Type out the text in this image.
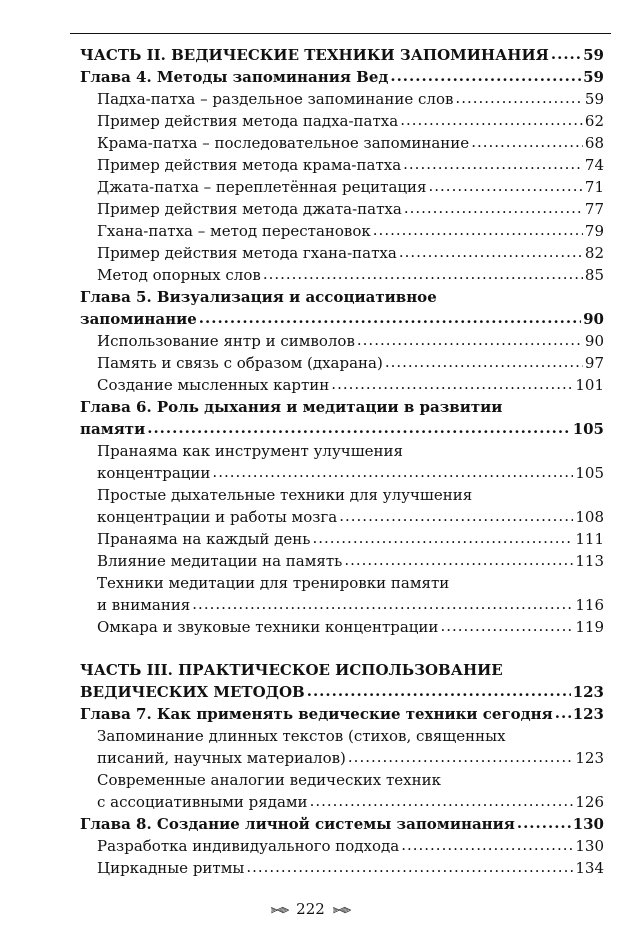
ЧАСТЬ II. ВЕДИЧЕСКИЕ ТЕХНИКИ ЗАПОМИНАНИЯ ..... 59
Глава 4. Методы запоминания Вед .....	59
Падха-патха – раздельное запоминание слов .....	59
Пример действия метода падха-патха .....	62
Крама-патха – последовательное запоминание .....	68
Пример действия метода крама-патха .....	74
Джата-патха – переплетённая рецитация .....	71
Пример действия метода джата-патха .....	77
Гхана-патха – метод перестановок .....	79
Пример действия метода гхана-патха .....	82
Метод опорных слов .....	85
Глава 5. Визуализация и ассоциативное
запоминание .....	90
Использование янтр и символов .....	90
Память и связь с образом (дхарана) .....	97
Создание мысленных картин .....	101
Глава 6. Роль дыхания и медитации в развитии
памяти .....	105
Пранаяма как инструмент улучшения
концентрации .....	105
Простые дыхательные техники для улучшения
концентрации и работы мозга .....	108
Пранаяма на каждый день .....	111
Влияние медитации на память .....	113
Техники медитации для тренировки памяти
и внимания .....	116
Омкара и звуковые техники концентрации .....	119
ЧАСТЬ III. ПРАКТИЧЕСКОЕ ИСПОЛЬЗОВАНИЕ
ВЕДИЧЕСКИХ МЕТОДОВ .....	123
Глава 7. Как применять ведические техники сегодня ..... 123
Запоминание длинных текстов (стихов, священных
писаний, научных материалов) .....	123
Современные аналогии ведических техник
с ассоциативными рядами .....	126
Глава 8. Создание личной системы запоминания .....	130
Разработка индивидуального подхода .....	130
Циркадные ритмы .....	134
⫸⫷⫸ 222 ⫸⫷⫸
